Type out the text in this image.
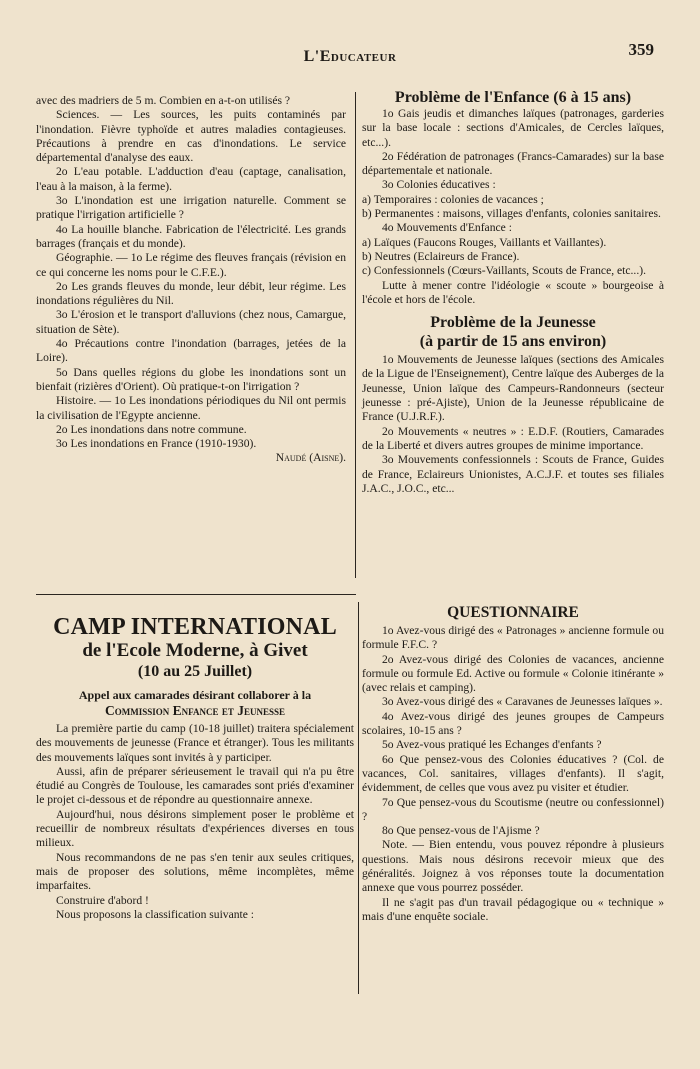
L'Educateur	359

avec des madriers de 5 m. Combien en a-t-on utilisés ?

Sciences. — Les sources, les puits contaminés par l'inondation. Fièvre typhoïde et autres maladies contagieuses. Précautions à prendre en cas d'inondations. Le service départemental d'analyse des eaux.

2o L'eau potable. L'adduction d'eau (captage, canalisation, l'eau à la maison, à la ferme).

3o L'inondation est une irrigation naturelle. Comment se pratique l'irrigation artificielle ?

4o La houille blanche. Fabrication de l'électricité. Les grands barrages (français et du monde).

Géographie. — 1o Le régime des fleuves français (révision en ce qui concerne les noms pour le C.F.E.).

2o Les grands fleuves du monde, leur débit, leur régime. Les inondations régulières du Nil.

3o L'érosion et le transport d'alluvions (chez nous, Camargue, situation de Sète).

4o Précautions contre l'inondation (barrages, jetées de la Loire).

5o Dans quelles régions du globe les inondations sont un bienfait (rizières d'Orient). Où pratique-t-on l'irrigation ?

Histoire. — 1o Les inondations périodiques du Nil ont permis la civilisation de l'Egypte ancienne.

2o Les inondations dans notre commune.

3o Les inondations en France (1910-1930).

Naudé (Aisne).

Problème de l'Enfance (6 à 15 ans)

1o Gais jeudis et dimanches laïques (patronages, garderies sur la base locale : sections d'Amicales, de Cercles laïques, etc...).

2o Fédération de patronages (Francs-Camarades) sur la base départementale et nationale.

3o Colonies éducatives :

a) Temporaires : colonies de vacances ;

b) Permanentes : maisons, villages d'enfants, colonies sanitaires.

4o Mouvements d'Enfance :

a) Laïques (Faucons Rouges, Vaillants et Vaillantes).

b) Neutres (Eclaireurs de France).

c) Confessionnels (Cœurs-Vaillants, Scouts de France, etc...).

Lutte à mener contre l'idéologie « scoute » bourgeoise à l'école et hors de l'école.

Problème de la Jeunesse
(à partir de 15 ans environ)

1o Mouvements de Jeunesse laïques (sections des Amicales de la Ligue de l'Enseignement), Centre laïque des Auberges de la Jeunesse, Union laïque des Campeurs-Randonneurs (secteur jeunesse : pré-Ajiste), Union de la Jeunesse républicaine de France (U.J.R.F.).

2o Mouvements « neutres » : E.D.F. (Routiers, Camarades de la Liberté et divers autres groupes de minime importance.

3o Mouvements confessionnels : Scouts de France, Guides de France, Eclaireurs Unionistes, A.C.J.F. et toutes ses filiales J.A.C., J.O.C., etc...

CAMP INTERNATIONAL
de l'Ecole Moderne, à Givet
(10 au 25 Juillet)
Appel aux camarades désirant collaborer à la
Commission Enfance et Jeunesse

La première partie du camp (10-18 juillet) traitera spécialement des mouvements de jeunesse (France et étranger). Tous les militants des mouvements laïques sont invités à y participer.

Aussi, afin de préparer sérieusement le travail qui n'a pu être étudié au Congrès de Toulouse, les camarades sont priés d'examiner le projet ci-dessous et de répondre au questionnaire annexe.

Aujourd'hui, nous désirons simplement poser le problème et recueillir de nombreux résultats d'expériences diverses en tous milieux.

Nous recommandons de ne pas s'en tenir aux seules critiques, mais de proposer des solutions, même incomplètes, même imparfaites.

Construire d'abord !

Nous proposons la classification suivante :

QUESTIONNAIRE

1o Avez-vous dirigé des « Patronages » ancienne formule ou formule F.F.C. ?

2o Avez-vous dirigé des Colonies de vacances, ancienne formule ou formule Ed. Active ou formule « Colonie itinérante » (avec relais et camping).

3o Avez-vous dirigé des « Caravanes de Jeunesses laïques ».

4o Avez-vous dirigé des jeunes groupes de Campeurs scolaires, 10-15 ans ?

5o Avez-vous pratiqué les Echanges d'enfants ?

6o Que pensez-vous des Colonies éducatives ? (Col. de vacances, Col. sanitaires, villages d'enfants). Il s'agit, évidemment, de celles que vous avez pu visiter et étudier.

7o Que pensez-vous du Scoutisme (neutre ou confessionnel) ?

8o Que pensez-vous de l'Ajisme ?

Note. — Bien entendu, vous pouvez répondre à plusieurs questions. Mais nous désirons recevoir mieux que des généralités. Joignez à vos réponses toute la documentation annexe que vous pourrez posséder.

Il ne s'agit pas d'un travail pédagogique ou « technique » mais d'une enquête sociale.
